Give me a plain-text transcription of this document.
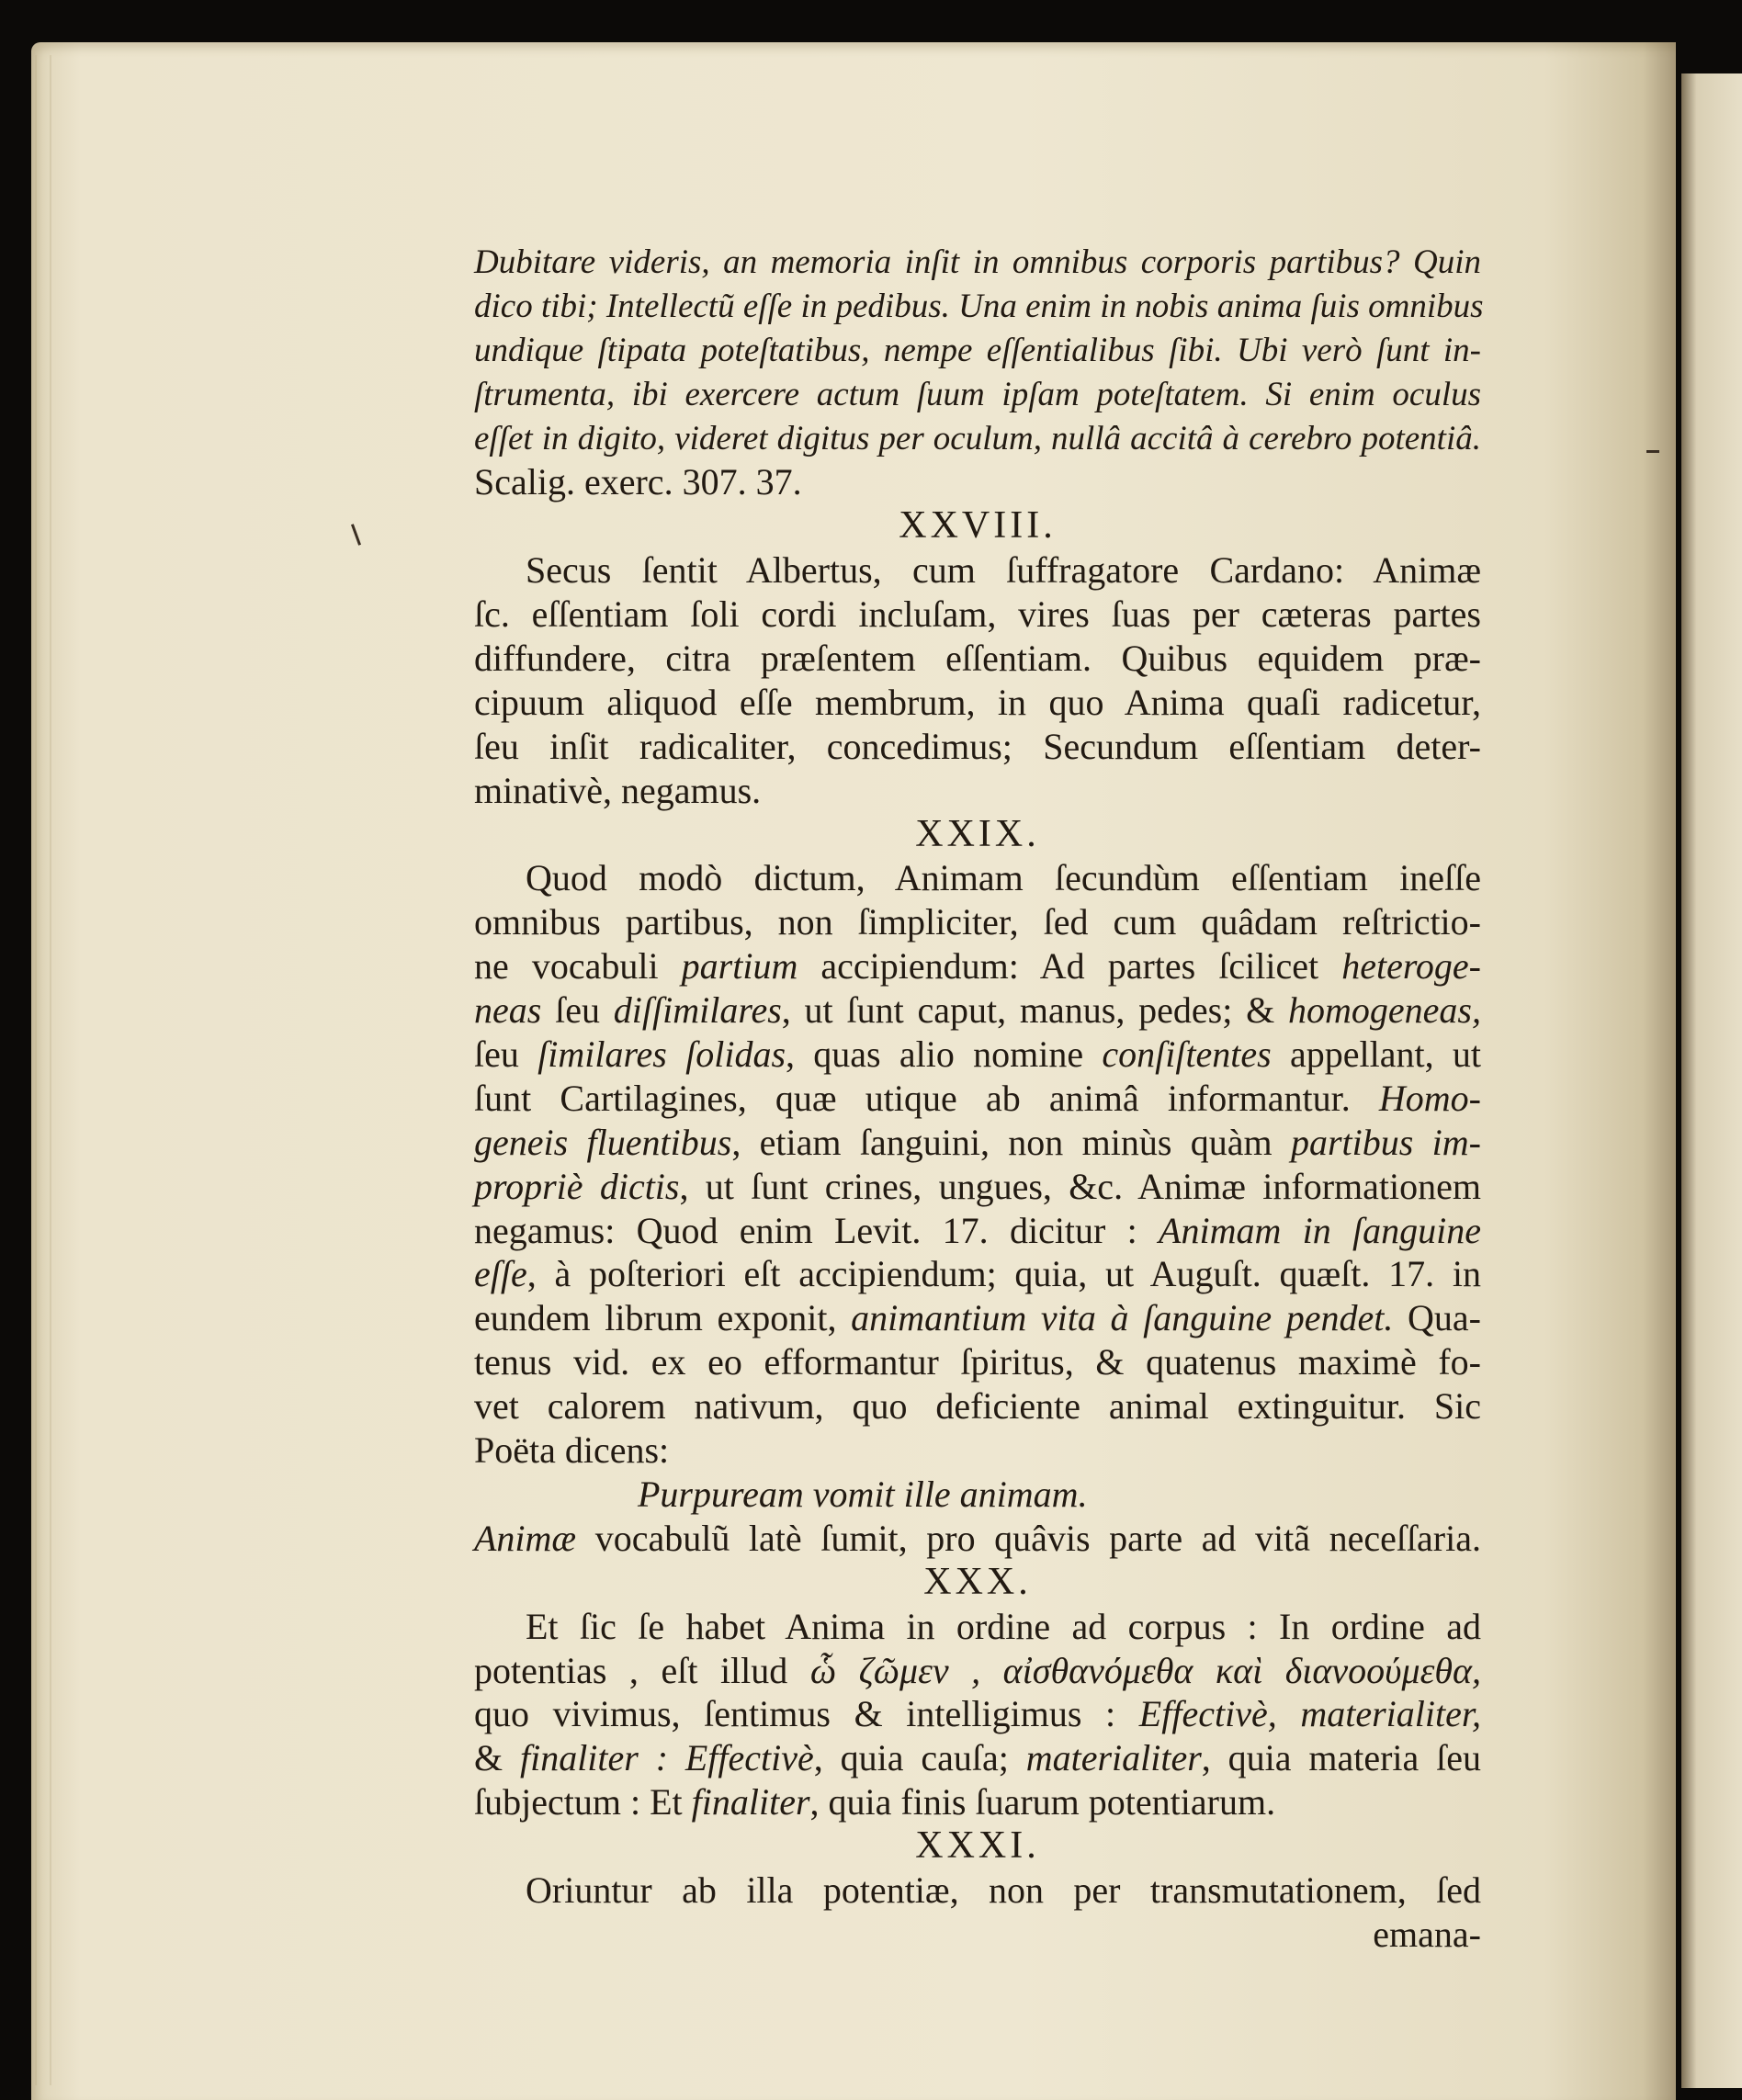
Dubitare videris, an memoria inſit in omnibus corporis partibus? Quin
dico tibi; Intellectũ eſſe in pedibus. Una enim in nobis anima ſuis omnibus
undique ſtipata poteſtatibus, nempe eſſentialibus ſibi. Ubi verò ſunt in-
ſtrumenta, ibi exercere actum ſuum ipſam poteſtatem. Si enim oculus
eſſet in digito, videret digitus per oculum, nullâ accitâ à cerebro potentiâ.
Scalig. exerc. 307. 37.
XXVIII.
Secus ſentit Albertus, cum ſuffragatore Cardano: Animæ
ſc. eſſentiam ſoli cordi incluſam, vires ſuas per cæteras partes
diffundere, citra præſentem eſſentiam. Quibus equidem præ-
cipuum aliquod eſſe membrum, in quo Anima quaſi radicetur,
ſeu inſit radicaliter, concedimus; Secundum eſſentiam deter-
minativè, negamus.
XXIX.
Quod modò dictum, Animam ſecundùm eſſentiam ineſſe
omnibus partibus, non ſimpliciter, ſed cum quâdam reſtrictio-
ne vocabuli partium accipiendum: Ad partes ſcilicet heteroge-
neas ſeu diſſimilares, ut ſunt caput, manus, pedes; & homogeneas,
ſeu ſimilares ſolidas, quas alio nomine conſiſtentes appellant, ut
ſunt Cartilagines, quæ utique ab animâ informantur. Homo-
geneis fluentibus, etiam ſanguini, non minùs quàm partibus im-
propriè dictis, ut ſunt crines, ungues, &c. Animæ informationem
negamus: Quod enim Levit. 17. dicitur : Animam in ſanguine
eſſe, à poſteriori eſt accipiendum; quia, ut Auguſt. quæſt. 17. in
eundem librum exponit, animantium vita à ſanguine pendet. Qua-
tenus vid. ex eo efformantur ſpiritus, & quatenus maximè fo-
vet calorem nativum, quo deficiente animal extinguitur. Sic
Poëta dicens:
Purpuream vomit ille animam.
Animæ vocabulũ latè ſumit, pro quâvis parte ad vitã neceſſaria.
XXX.
Et ſic ſe habet Anima in ordine ad corpus : In ordine ad
potentias , eſt illud ὧ ζῶμεν , αἰσθανόμεθα καὶ διανοούμεθα,
quo vivimus, ſentimus & intelligimus : Effectivè, materialiter,
& finaliter : Effectivè, quia cauſa; materialiter, quia materia ſeu
ſubjectum : Et finaliter, quia finis ſuarum potentiarum.
XXXI.
Oriuntur ab illa potentiæ, non per transmutationem, ſed
emana-
